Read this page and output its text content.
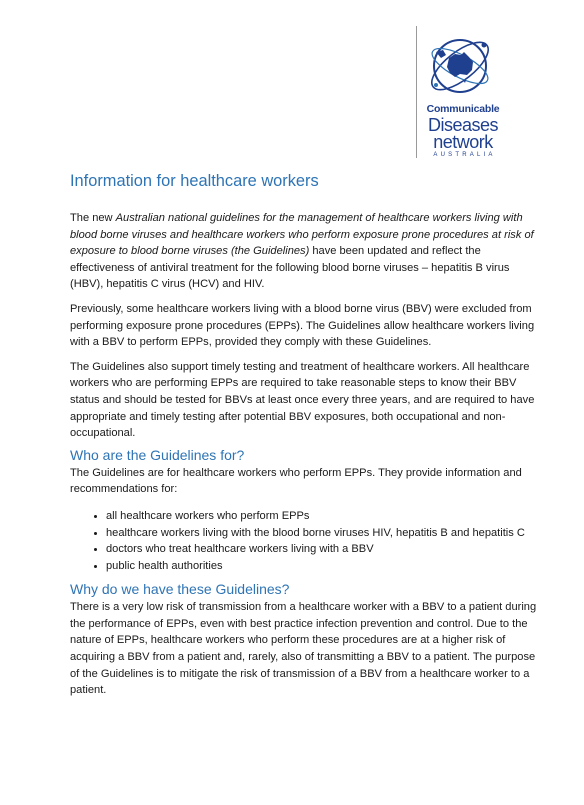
Communicable
Diseases
network
AUSTRALIA
Information for healthcare workers

The new Australian national guidelines for the management of healthcare workers living with blood borne viruses and healthcare workers who perform exposure prone procedures at risk of exposure to blood borne viruses (the Guidelines) have been updated and reflect the effectiveness of antiviral treatment for the following blood borne viruses – hepatitis B virus (HBV), hepatitis C virus (HCV) and HIV.

Previously, some healthcare workers living with a blood borne virus (BBV) were excluded from performing exposure prone procedures (EPPs). The Guidelines allow healthcare workers living with a BBV to perform EPPs, provided they comply with these Guidelines.

The Guidelines also support timely testing and treatment of healthcare workers. All healthcare workers who are performing EPPs are required to take reasonable steps to know their BBV status and should be tested for BBVs at least once every three years, and are required to have appropriate and timely testing after potential BBV exposures, both occupational and non-occupational.

Who are the Guidelines for?

The Guidelines are for healthcare workers who perform EPPs. They provide information and recommendations for:

• all healthcare workers who perform EPPs
• healthcare workers living with the blood borne viruses HIV, hepatitis B and hepatitis C
• doctors who treat healthcare workers living with a BBV
• public health authorities
Why do we have these Guidelines?

There is a very low risk of transmission from a healthcare worker with a BBV to a patient during the performance of EPPs, even with best practice infection prevention and control. Due to the nature of EPPs, healthcare workers who perform these procedures are at a higher risk of acquiring a BBV from a patient and, rarely, also of transmitting a BBV to a patient. The purpose of the Guidelines is to mitigate the risk of transmission of a BBV from a healthcare worker to a patient.
